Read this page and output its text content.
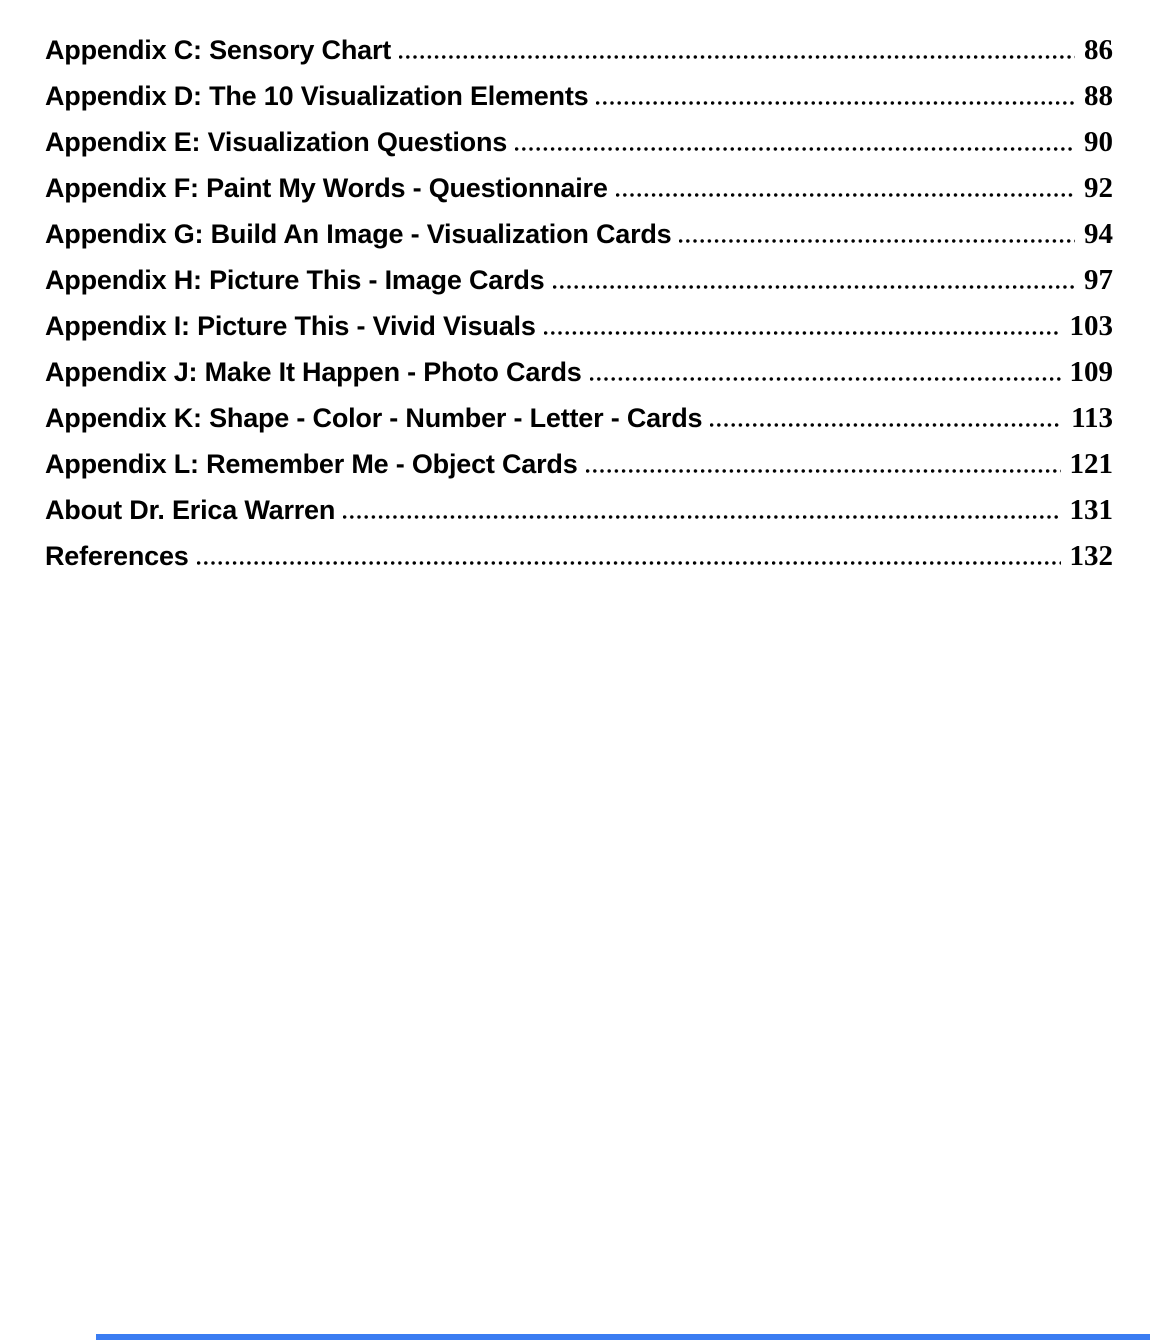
Appendix C: Sensory Chart	86
Appendix D: The 10 Visualization Elements	88
Appendix E: Visualization Questions	90
Appendix F: Paint My Words - Questionnaire	92
Appendix G: Build An Image - Visualization Cards	94
Appendix H: Picture This - Image Cards	97
Appendix I: Picture This - Vivid Visuals	103
Appendix J: Make It Happen - Photo Cards	109
Appendix K: Shape - Color - Number - Letter - Cards	113
Appendix L: Remember Me - Object Cards	121
About Dr. Erica Warren	131
References	132
